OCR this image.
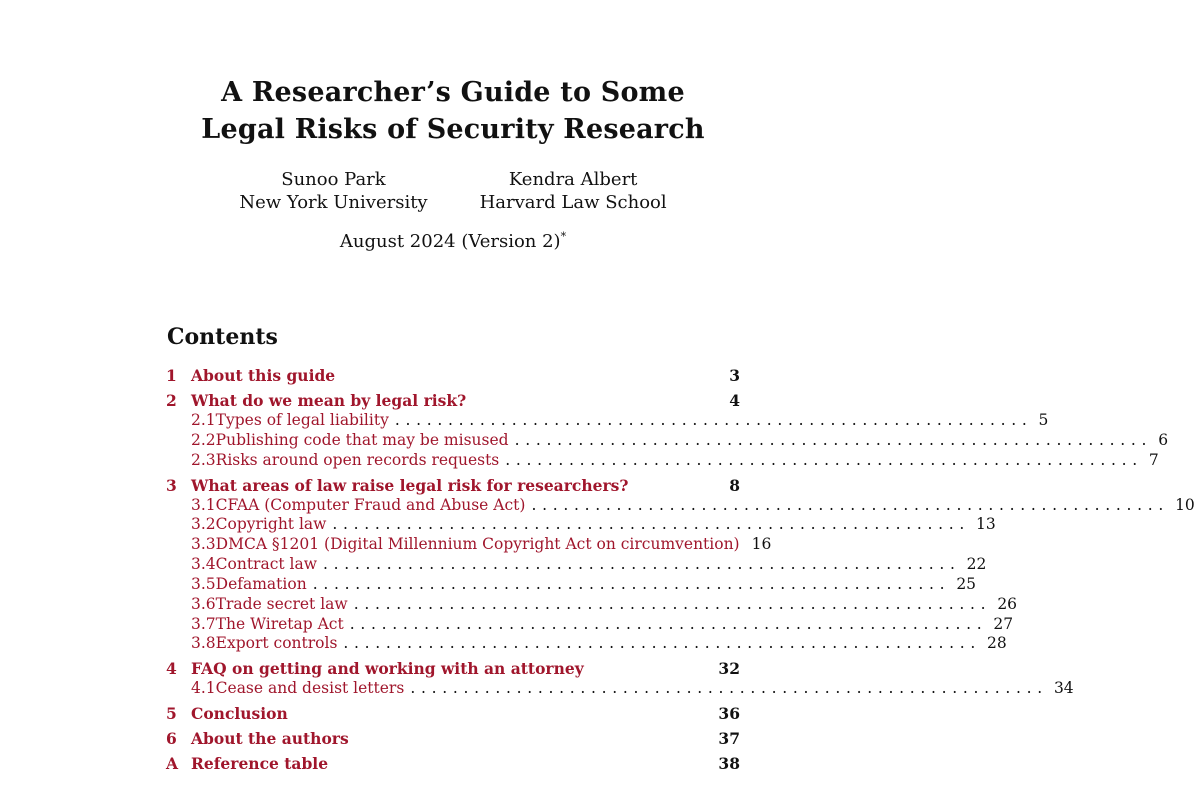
A Researcher’s Guide to Some
Legal Risks of Security Research
Sunoo Park
New York University
Kendra Albert
Harvard Law School
August 2024 (Version 2)*
Contents
1 About this guide	3
2 What do we mean by legal risk?	4
2.1 Types of legal liability ............................................................ 5
2.2 Publishing code that may be misused ............................................................ 6
2.3 Risks around open records requests ............................................................ 7
3 What areas of law raise legal risk for researchers?	8
3.1 CFAA (Computer Fraud and Abuse Act) ............................................................ 10
3.2 Copyright law ............................................................ 13
3.3 DMCA §1201 (Digital Millennium Copyright Act on circumvention) 16
3.4 Contract law ............................................................ 22
3.5 Defamation ............................................................ 25
3.6 Trade secret law ............................................................ 26
3.7 The Wiretap Act ............................................................ 27
3.8 Export controls ............................................................ 28
4 FAQ on getting and working with an attorney	32
4.1 Cease and desist letters ............................................................ 34
5 Conclusion	36
6 About the authors	37
A Reference table	38
